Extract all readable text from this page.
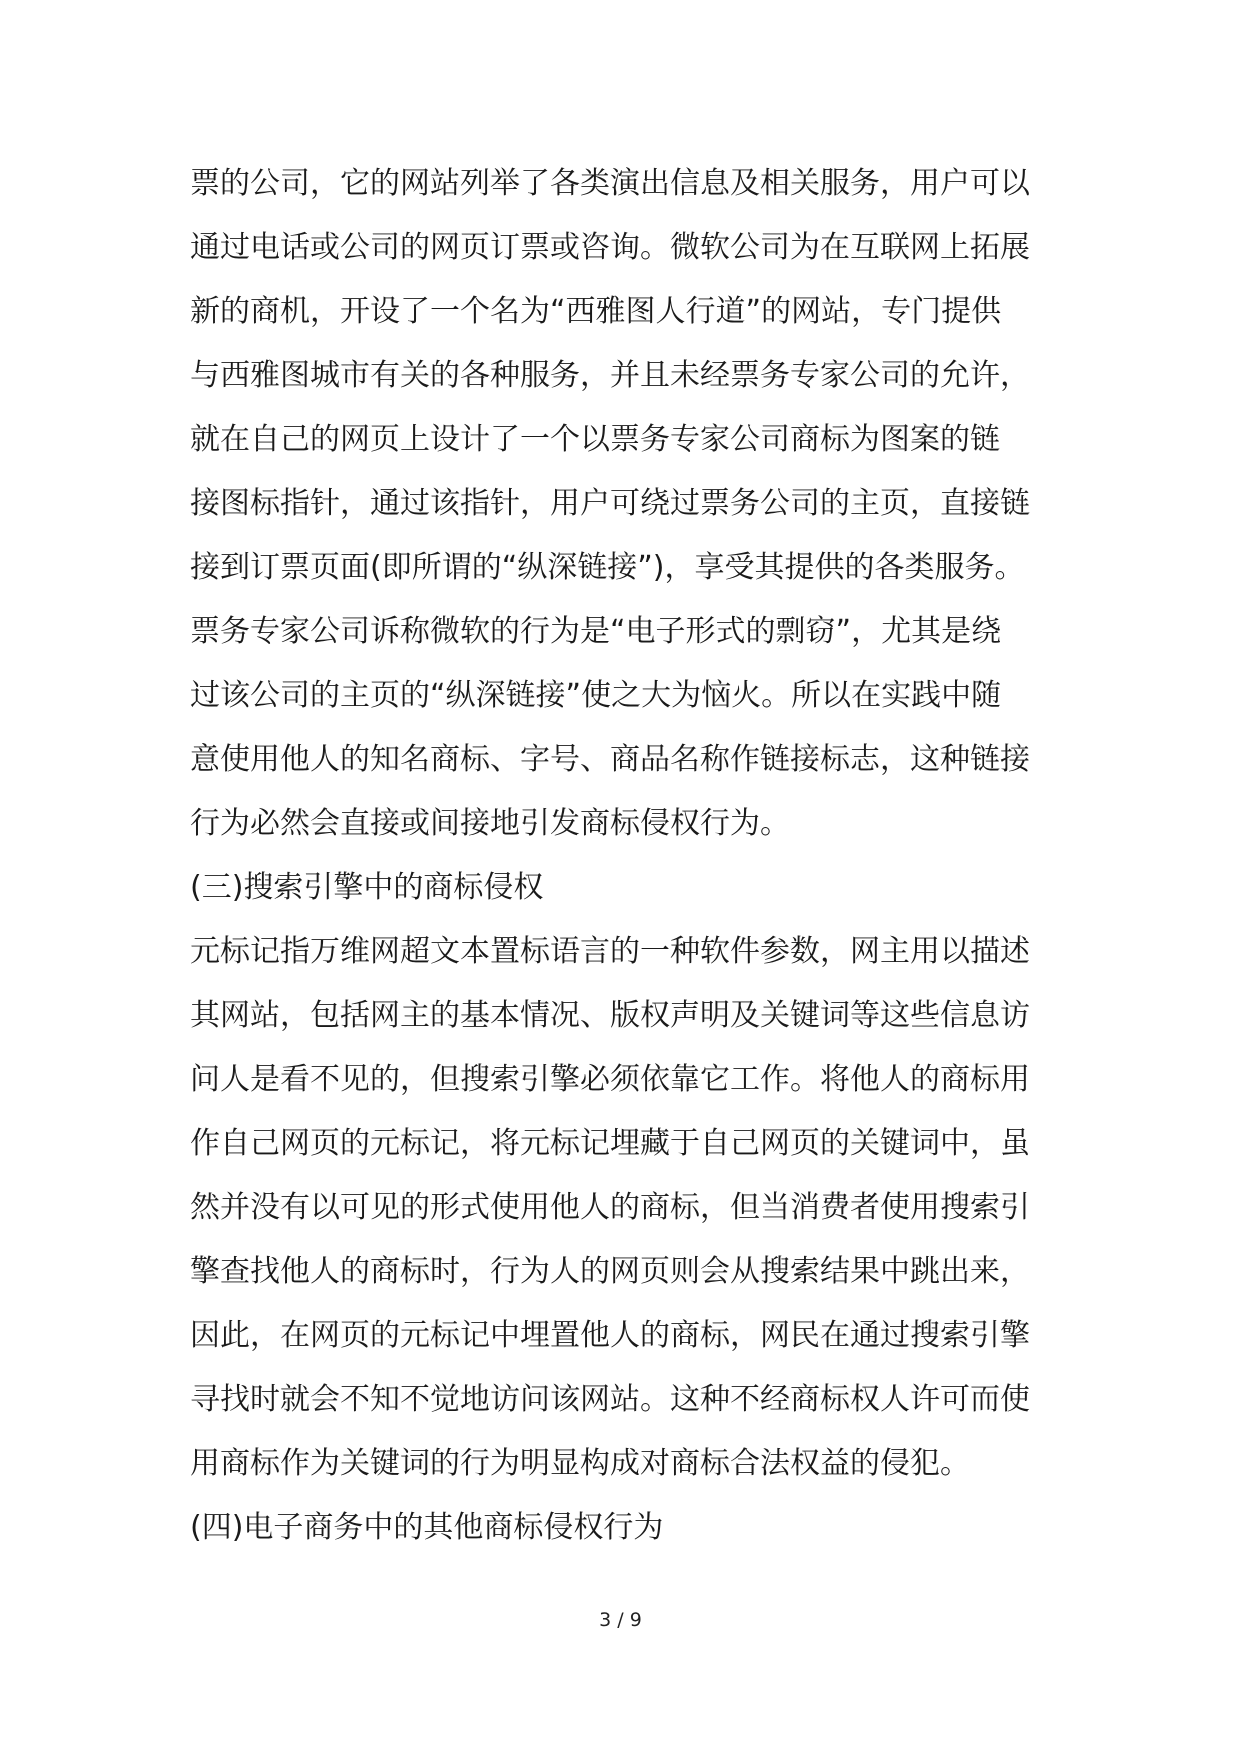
票的公司，它的网站列举了各类演出信息及相关服务，用户可以
通过电话或公司的网页订票或咨询。微软公司为在互联网上拓展
新的商机，开设了一个名为“西雅图人行道”的网站，专门提供
与西雅图城市有关的各种服务，并且未经票务专家公司的允许，
就在自己的网页上设计了一个以票务专家公司商标为图案的链
接图标指针，通过该指针，用户可绕过票务公司的主页，直接链
接到订票页面(即所谓的“纵深链接”)，享受其提供的各类服务。
票务专家公司诉称微软的行为是“电子形式的剽窃”，尤其是绕
过该公司的主页的“纵深链接”使之大为恼火。所以在实践中随
意使用他人的知名商标、字号、商品名称作链接标志，这种链接
行为必然会直接或间接地引发商标侵权行为。
(三)搜索引擎中的商标侵权
元标记指万维网超文本置标语言的一种软件参数，网主用以描述
其网站，包括网主的基本情况、版权声明及关键词等这些信息访
问人是看不见的，但搜索引擎必须依靠它工作。将他人的商标用
作自己网页的元标记，将元标记埋藏于自己网页的关键词中，虽
然并没有以可见的形式使用他人的商标，但当消费者使用搜索引
擎查找他人的商标时，行为人的网页则会从搜索结果中跳出来，
因此，在网页的元标记中埋置他人的商标，网民在通过搜索引擎
寻找时就会不知不觉地访问该网站。这种不经商标权人许可而使
用商标作为关键词的行为明显构成对商标合法权益的侵犯。
(四)电子商务中的其他商标侵权行为
3 / 9
